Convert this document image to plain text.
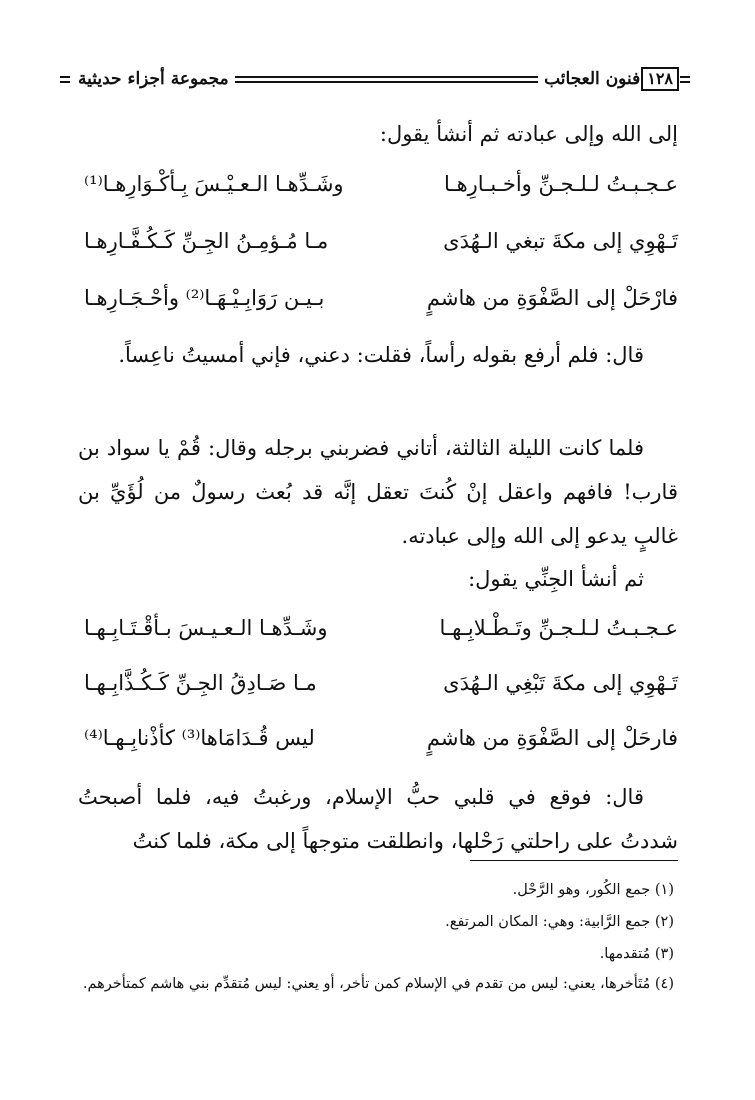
١٢٨
فنون العجائب
مجموعة أجزاء حديثية
إلى الله وإلى عبادته ثم أنشأ يقول:
عـجـبـتُ لـلـجـنِّ وأخـبـارِهـا
وشَـدِّهـا الـعـيْـسَ بِـأكْـوَارِهـا⁽¹⁾
تَـهْوِي إلى مكةَ تبغي الـهُدَى
مـا مُـؤمِـنُ الجِـنِّ كَـكُـفَّـارِهـا
فارْحَلْ إلى الصَّفْوَةِ من هاشمٍ
بـيـن رَوَابِـيْـهَـا⁽²⁾ وأحْـجَـارِهـا
قال: فلم أرفع بقوله رأساً، فقلت: دعني، فإني أمسيتُ ناعِساً.
فلما كانت الليلة الثالثة، أتاني فضربني برجله وقال: قُمْ يا سواد بن قارب! فافهم واعقل إنْ كُنتَ تعقل إنَّه قد بُعث رسولٌ من لُؤَيِّ بن غالبٍ يدعو إلى الله وإلى عبادته.
ثم أنشأ الجِنِّي يقول:
عـجـبـتُ لـلـجـنِّ وتَـطْـلابِـهـا
وشَـدِّهـا الـعـيـسَ بـأقْـتَـابِـهـا
تَـهْوِي إلى مكةَ تَبْغِي الـهُدَى
مـا صَـادِقُ الجِـنِّ كَـكُـذَّابِـهـا
فارحَلْ إلى الصَّفْوَةِ من هاشمٍ
ليس قُـدَامَاها⁽³⁾ كأذْنابِـهـا⁽⁴⁾
قال: فوقع في قلبي حبُّ الإسلام، ورغبتُ فيه، فلما أصبحتُ شددتُ على راحلتي رَحْلها، وانطلقت متوجهاً إلى مكة، فلما كنتُ
(١) جمع الكُور، وهو الرَّحْل.
(٢) جمع الرَّابية: وهي: المكان المرتفع.
(٣) مُتقدمها.
(٤) مُتَأخرها، يعني: ليس من تقدم في الإسلام كمن تأخر، أو يعني: ليس مُتقدِّم بني هاشم كمتأخرهم.
